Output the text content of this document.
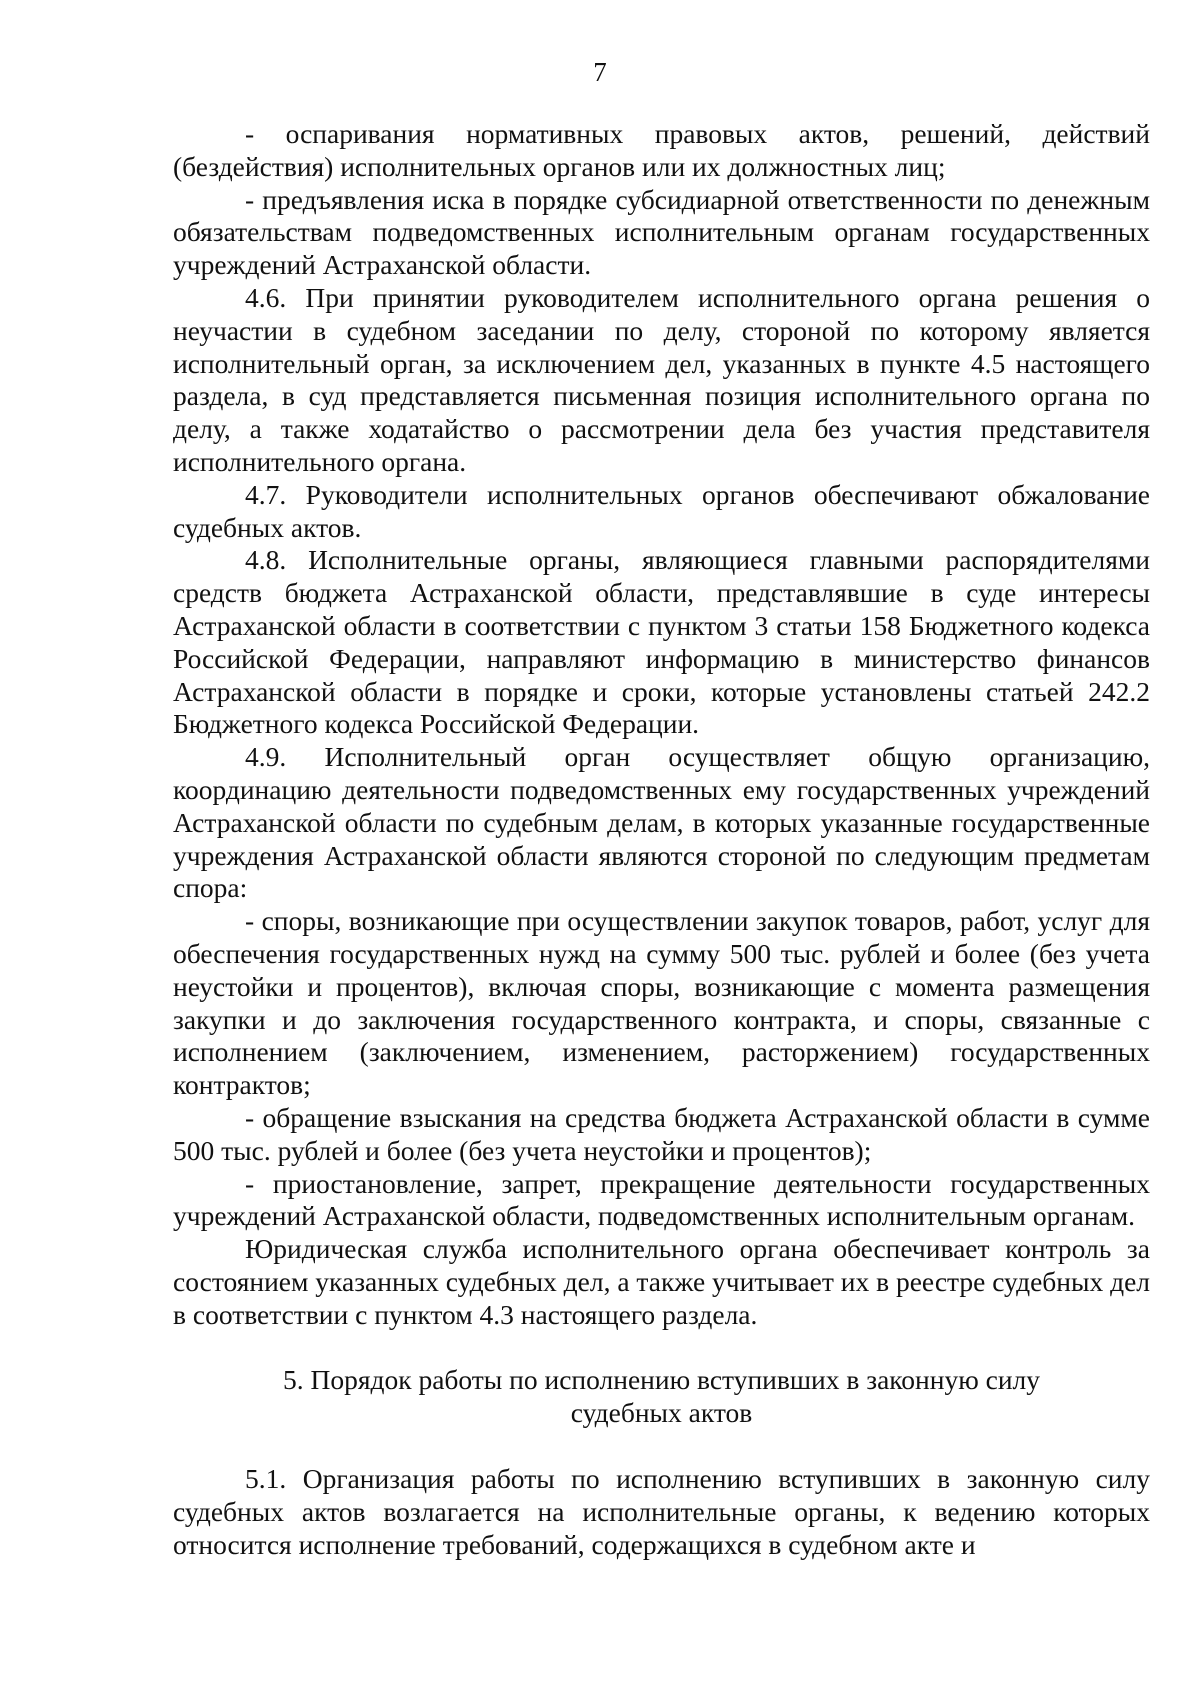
7

- оспаривания нормативных правовых актов, решений, действий (бездействия) исполнительных органов или их должностных лиц;

- предъявления иска в порядке субсидиарной ответственности по денежным обязательствам подведомственных исполнительным органам государственных учреждений Астраханской области.

4.6. При принятии руководителем исполнительного органа решения о неучастии в судебном заседании по делу, стороной по которому является исполнительный орган, за исключением дел, указанных в пункте 4.5 настоящего раздела, в суд представляется письменная позиция исполнительного органа по делу, а также ходатайство о рассмотрении дела без участия представителя исполнительного органа.

4.7. Руководители исполнительных органов обеспечивают обжалование судебных актов.

4.8. Исполнительные органы, являющиеся главными распорядителями средств бюджета Астраханской области, представлявшие в суде интересы Астраханской области в соответствии с пунктом 3 статьи 158 Бюджетного кодекса Российской Федерации, направляют информацию в министерство финансов Астраханской области в порядке и сроки, которые установлены статьей 242.2 Бюджетного кодекса Российской Федерации.

4.9. Исполнительный орган осуществляет общую организацию, координацию деятельности подведомственных ему государственных учреждений Астраханской области по судебным делам, в которых указанные государственные учреждения Астраханской области являются стороной по следующим предметам спора:

- споры, возникающие при осуществлении закупок товаров, работ, услуг для обеспечения государственных нужд на сумму 500 тыс. рублей и более (без учета неустойки и процентов), включая споры, возникающие с момента размещения закупки и до заключения государственного контракта, и споры, связанные с исполнением (заключением, изменением, расторжением) государственных контрактов;

- обращение взыскания на средства бюджета Астраханской области в сумме 500 тыс. рублей и более (без учета неустойки и процентов);

- приостановление, запрет, прекращение деятельности государственных учреждений Астраханской области, подведомственных исполнительным органам.

Юридическая служба исполнительного органа обеспечивает контроль за состоянием указанных судебных дел, а также учитывает их в реестре судебных дел в соответствии с пунктом 4.3 настоящего раздела.

5. Порядок работы по исполнению вступивших в законную силу
судебных актов

5.1. Организация работы по исполнению вступивших в законную силу судебных актов возлагается на исполнительные органы, к ведению которых относится исполнение требований, содержащихся в судебном акте и
